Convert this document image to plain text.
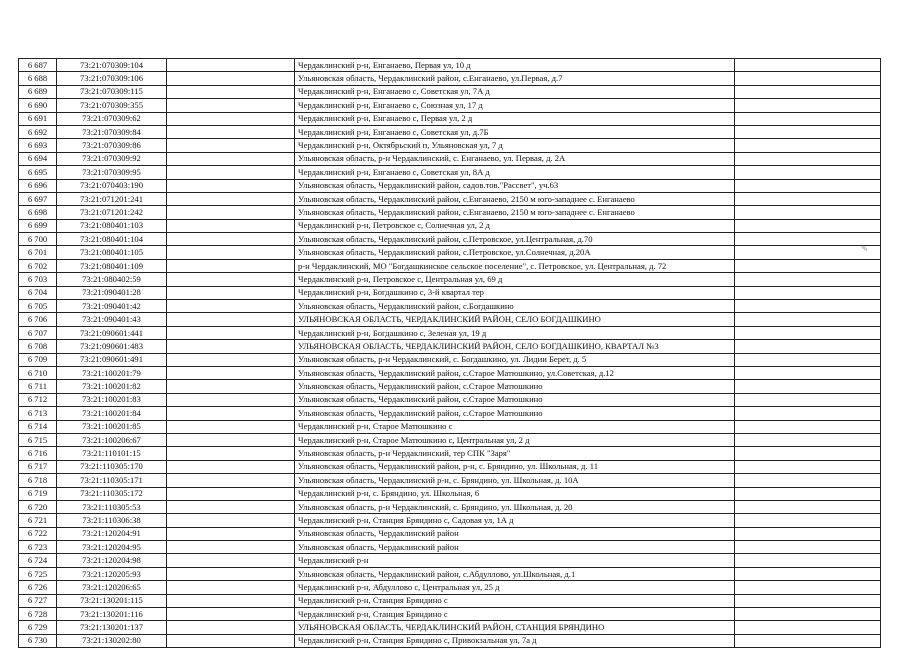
6 687	73:21:070309:104		Чердаклинский р-н, Енганаево, Первая ул, 10 д	
6 688	73:21:070309:106		Ульяновская область, Чердаклинский район, с.Енганаево, ул.Первая, д.7	
6 689	73:21:070309:115		Чердаклинский р-н, Енганаево с, Советская ул, 7А д	
6 690	73:21:070309:355		Чердаклинский р-н, Енганаево с, Союзная ул, 17 д	
6 691	73:21:070309:62		Чердаклинский р-н, Енганаево с, Первая ул, 2 д	
6 692	73:21:070309:84		Чердаклинский р-н, Енганаево с, Советская ул, д.7Б	
6 693	73:21:070309:86		Чердаклинский р-н, Октябрьский п, Ульяновская ул, 7 д	
6 694	73:21:070309:92		Ульяновская область, р-н Чердаклинский, с. Енганаево, ул. Первая, д. 2А	
6 695	73:21:070309:95		Чердаклинский р-н, Енганаево с, Советская ул, 8А д	
6 696	73:21:070403:190		Ульяновская область, Чердаклинский район, садов.тов."Рассвет", уч.63	
6 697	73:21:071201:241		Ульяновская область, Чердаклинский район, с.Енганаево, 2150 м юго-западнее с. Енганаево	
6 698	73:21:071201:242		Ульяновская область, Чердаклинский район, с.Енганаево, 2150 м юго-западнее с. Енганаево	
6 699	73:21:080401:103		Чердаклинский р-н, Петровское с, Солнечная ул, 2 д	
6 700	73:21:080401:104		Ульяновская область, Чердаклинский район, с.Петровское, ул.Центральная, д.70	
6 701	73:21:080401:105		Ульяновская область, Чердаклинский район, с.Петровское, ул.Солнечная, д.20А	
6 702	73:21:080401:109		р-н Чердаклинский, МО "Богдашкинское сельское поселение", с. Петровское, ул. Центральная, д. 72	
6 703	73:21:080402:59		Чердаклинский р-н, Петровское с, Центральная ул, 69 д	
6 704	73:21:090401:28		Чердаклинский р-н, Богдашкино с, 3-й квартал тер	
6 705	73:21:090401:42		Ульяновская область, Чердаклинский район, с.Богдашкино	
6 706	73:21:090401:43		УЛЬЯНОВСКАЯ ОБЛАСТЬ, ЧЕРДАКЛИНСКИЙ РАЙОН, СЕЛО БОГДАШКИНО	
6 707	73:21:090601:441		Чердаклинский р-н, Богдашкино с, Зеленая ул, 19 д	
6 708	73:21:090601:483		УЛЬЯНОВСКАЯ ОБЛАСТЬ, ЧЕРДАКЛИНСКИЙ РАЙОН, СЕЛО БОГДАШКИНО, КВАРТАЛ №3	
6 709	73:21:090601:491		Ульяновская область, р-н Чердаклинский, с. Богдашкино, ул. Лидии Берет, д. 5	
6 710	73:21:100201:79		Ульяновская область, Чердаклинский район, с.Старое Матюшкино, ул.Советская, д.12	
6 711	73:21:100201:82		Ульяновская область, Чердаклинский район, с.Старое Матюшкино	
6 712	73:21:100201:83		Ульяновская область, Чердаклинский район, с.Старое Матюшкино	
6 713	73:21:100201:84		Ульяновская область, Чердаклинский район, с.Старое Матюшкино	
6 714	73:21:100201:85		Чердаклинский р-н, Старое Матюшкино с	
6 715	73:21:100206:67		Чердаклинский р-н, Старое Матюшкино с, Центральная ул, 2 д	
6 716	73:21:110101:15		Ульяновская область, р-н Чердаклинский, тер СПК "Заря"	
6 717	73:21:110305:170		Ульяновская область, Чердаклинский район, р-н, с. Бряндино, ул. Школьная, д. 11	
6 718	73:21:110305:171		Ульяновская область, Чердаклинский р-н, с. Бряндино, ул. Школьная, д. 10А	
6 719	73:21:110305:172		Чердаклинский р-н, с. Бряндино, ул. Школьная, 6	
6 720	73:21:110305:53		Ульяновская область, р-н Чердаклинский, с. Бряндино, ул. Школьная, д. 20	
6 721	73:21:110306:38		Чердаклинский р-н, Станция Бряндино с, Садовая ул, 1А д	
6 722	73:21:120204:91		Ульяновская область, Чердаклинский район	
6 723	73:21:120204:95		Ульяновская область, Чердаклинский район	
6 724	73:21:120204:98		Чердаклинский р-н	
6 725	73:21:120205:93		Ульяновская область, Чердаклинский район, с.Абдуллово, ул.Школьная, д.1	
6 726	73:21:120206:65		Чердаклинский р-н, Абдуллово с, Центральная ул, 25 д	
6 727	73:21:130201:115		Чердаклинский р-н, Станция Бряндино с	
6 728	73:21:130201:116		Чердаклинский р-н, Станция Бряндино с	
6 729	73:21:130201:137		УЛЬЯНОВСКАЯ ОБЛАСТЬ, ЧЕРДАКЛИНСКИЙ РАЙОН, СТАНЦИЯ БРЯНДИНО	
6 730	73:21:130202:80		Чердаклинский р-н, Станция Бряндино с, Привокзальная ул, 7а д	
⁄⁄⁄
